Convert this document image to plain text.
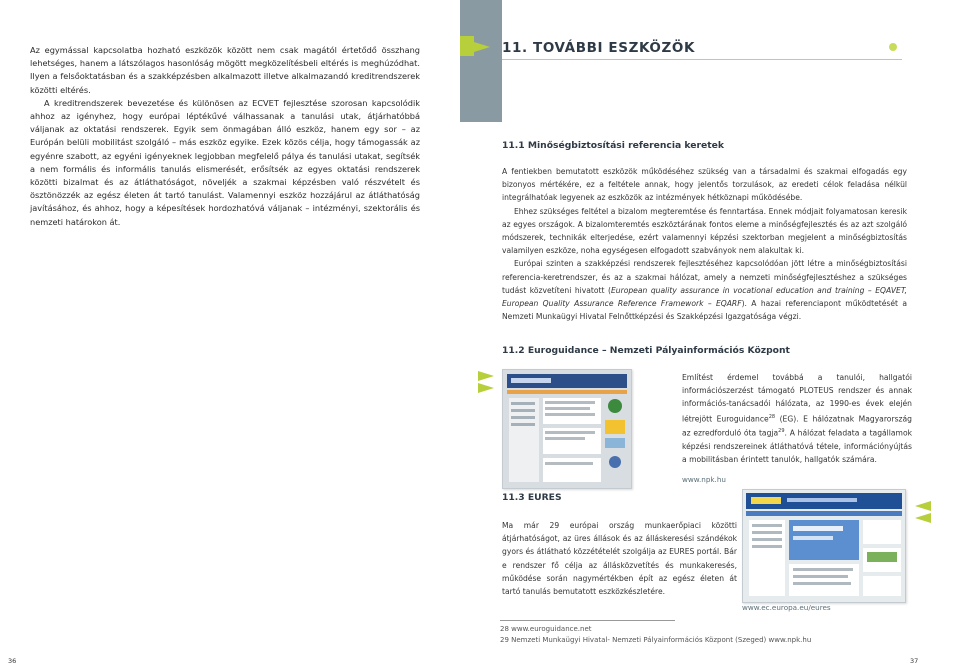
Az egymással kapcsolatba hozható eszközök között nem csak magától értetődő összhang lehetséges, hanem a látszólagos hasonlóság mögött megközelítésbeli eltérés is meghúzódhat. Ilyen a felsőoktatásban és a szakképzésben alkalmazott illetve alkalmazandó kreditrendszerek közötti eltérés.

A kreditrendszerek bevezetése és különösen az ECVET fejlesztése szorosan kapcsolódik ahhoz az igényhez, hogy európai léptékűvé válhassanak a tanulási utak, átjárhatóbbá váljanak az oktatási rendszerek. Egyik sem önmagában álló eszköz, hanem egy sor – az Európán belüli mobilitást szolgáló – más eszköz egyike. Ezek közös célja, hogy támogassák az egyénre szabott, az egyéni igényeknek legjobban megfelelő pálya és tanulási utakat, segítsék a nem formális és informális tanulás elismerését, erősítsék az egyes oktatási rendszerek közötti bizalmat és az átláthatóságot, növeljék a szakmai képzésben való részvételt és ösztönözzék az egész életen át tartó tanulást. Valamennyi eszköz hozzájárul az átláthatóság javításához, és ahhoz, hogy a képesítések hordozhatóvá váljanak – intézményi, szektorális és nemzeti határokon át.

36
11. TOVÁBBI ESZKÖZÖK
11.1 Minőségbiztosítási referencia keretek

A fentiekben bemutatott eszközök működéséhez szükség van a társadalmi és szakmai elfogadás egy bizonyos mértékére, ez a feltétele annak, hogy jelentős torzulások, az eredeti célok feladása nélkül integrálhatóak legyenek az eszközök az intézmények hétköznapi működésébe.

Ehhez szükséges feltétel a bizalom megteremtése és fenntartása. Ennek módjait folyamatosan keresik az egyes országok. A bizalomteremtés eszköztárának fontos eleme a minőségfejlesztés és az azt szolgáló módszerek, technikák elterjedése, ezért valamennyi képzési szektorban megjelent a minőségbiztosítás valamilyen eszköze, noha egységesen elfogadott szabványok nem alakultak ki.

Európai szinten a szakképzési rendszerek fejlesztéséhez kapcsolódóan jött létre a minőségbiztosítási referencia-keretrendszer, és az a szakmai hálózat, amely a nemzeti minőségfejlesztéshez a szükséges tudást közvetíteni hivatott (European quality assurance in vocational education and training – EQAVET, European Quality Assurance Reference Framework – EQARF). A hazai referenciapont működtetését a Nemzeti Munkaügyi Hivatal Felnőttképzési és Szakképzési Igazgatósága végzi.

11.2 Euroguidance – Nemzeti Pályainformációs Központ

Említést érdemel továbbá a tanulói, hallgatói információszerzést támogató PLOTEUS rendszer és annak információs-tanácsadói hálózata, az 1990-es évek elején létrejött Euroguidance$^{28}$ (EG). E hálózatnak Magyarország az ezredforduló óta tagja$^{29}$. A hálózat feladata a tagállamok képzési rendszereinek átláthatóvá tétele, információnyújtás a mobilitásban érintett tanulók, hallgatók számára.

www.npk.hu
11.3 EURES

Ma már 29 európai ország munkaerőpiaci közötti átjárhatóságot, az üres állások és az álláskeresési szándékok gyors és átlátható közzétételét szolgálja az EURES portál. Bár e rendszer fő célja az állásközvetítés és munkakeresés, működése során nagymértékben épít az egész életen át tartó tanulás bemutatott eszközkészletére.

www.ec.europa.eu/eures
28 www.euroguidance.net
29 Nemzeti Munkaügyi Hivatal- Nemzeti Pályainformációs Központ (Szeged) www.npk.hu
37
